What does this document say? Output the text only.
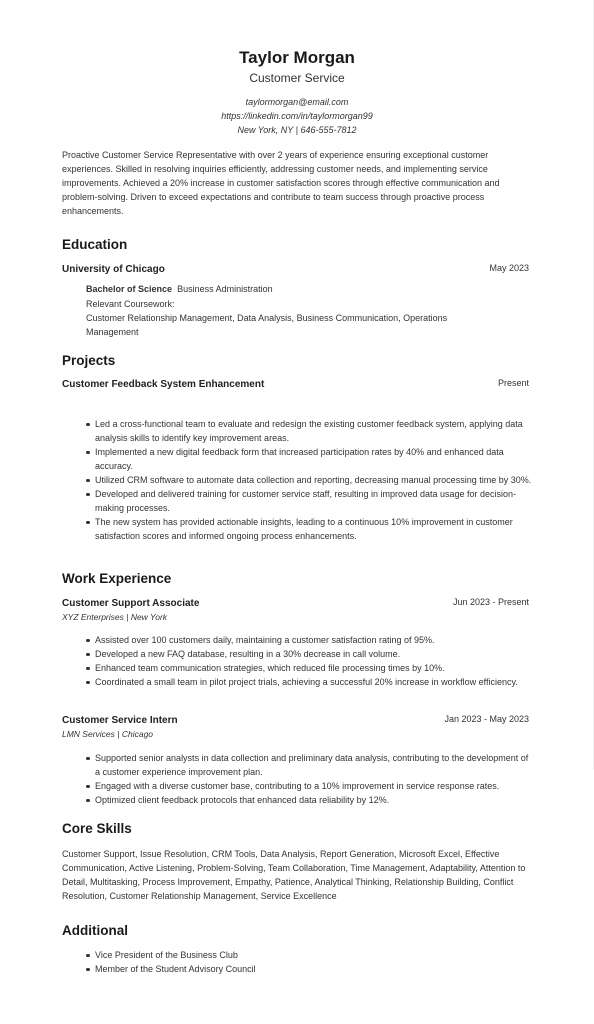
Taylor Morgan
Customer Service
taylormorgan@email.com
https://linkedin.com/in/taylormorgan99
New York, NY | 646-555-7812
Proactive Customer Service Representative with over 2 years of experience ensuring exceptional customer experiences. Skilled in resolving inquiries efficiently, addressing customer needs, and implementing service improvements. Achieved a 20% increase in customer satisfaction scores through effective communication and problem-solving. Driven to exceed expectations and contribute to team success through proactive process enhancements.
Education
University of Chicago	May 2023
Bachelor of Science Business Administration
Relevant Coursework:
Customer Relationship Management, Data Analysis, Business Communication, Operations Management
Projects
Customer Feedback System Enhancement	Present
Led a cross-functional team to evaluate and redesign the existing customer feedback system, applying data analysis skills to identify key improvement areas.
Implemented a new digital feedback form that increased participation rates by 40% and enhanced data accuracy.
Utilized CRM software to automate data collection and reporting, decreasing manual processing time by 30%.
Developed and delivered training for customer service staff, resulting in improved data usage for decision-making processes.
The new system has provided actionable insights, leading to a continuous 10% improvement in customer satisfaction scores and informed ongoing process enhancements.
Work Experience
Customer Support Associate	Jun 2023 - Present
XYZ Enterprises | New York
Assisted over 100 customers daily, maintaining a customer satisfaction rating of 95%.
Developed a new FAQ database, resulting in a 30% decrease in call volume.
Enhanced team communication strategies, which reduced file processing times by 10%.
Coordinated a small team in pilot project trials, achieving a successful 20% increase in workflow efficiency.
Customer Service Intern	Jan 2023 - May 2023
LMN Services | Chicago
Supported senior analysts in data collection and preliminary data analysis, contributing to the development of a customer experience improvement plan.
Engaged with a diverse customer base, contributing to a 10% improvement in service response rates.
Optimized client feedback protocols that enhanced data reliability by 12%.
Core Skills
Customer Support, Issue Resolution, CRM Tools, Data Analysis, Report Generation, Microsoft Excel, Effective Communication, Active Listening, Problem-Solving, Team Collaboration, Time Management, Adaptability, Attention to Detail, Multitasking, Process Improvement, Empathy, Patience, Analytical Thinking, Relationship Building, Conflict Resolution, Customer Relationship Management, Service Excellence
Additional
Vice President of the Business Club
Member of the Student Advisory Council
